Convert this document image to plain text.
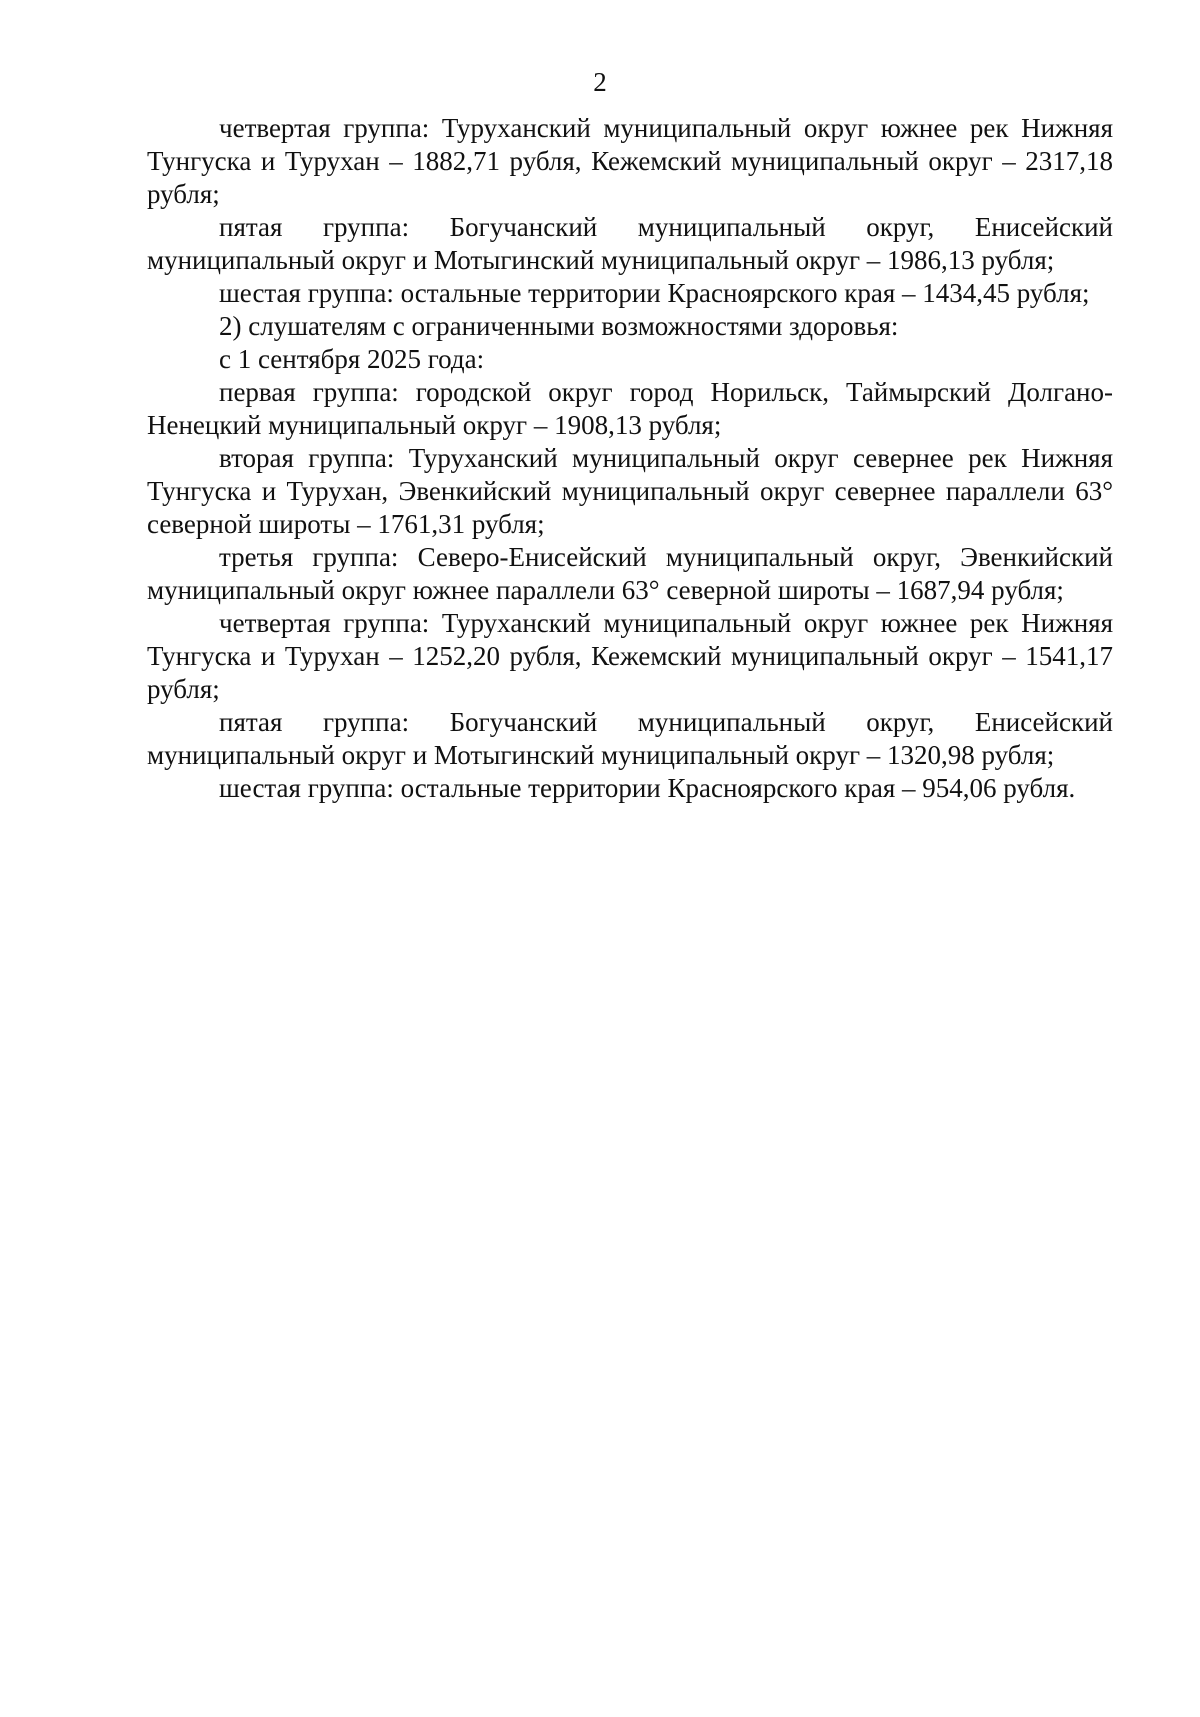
2

четвертая группа: Туруханский муниципальный округ южнее рек Нижняя Тунгуска и Турухан – 1882,71 рубля, Кежемский муниципальный округ – 2317,18 рубля;

пятая группа: Богучанский муниципальный округ, Енисейский муниципальный округ и Мотыгинский муниципальный округ – 1986,13 рубля;

шестая группа: остальные территории Красноярского края – 1434,45 рубля;

2) слушателям с ограниченными возможностями здоровья:

с 1 сентября 2025 года:

первая группа: городской округ город Норильск, Таймырский Долгано-Ненецкий муниципальный округ – 1908,13 рубля;

вторая группа: Туруханский муниципальный округ севернее рек Нижняя Тунгуска и Турухан, Эвенкийский муниципальный округ севернее параллели 63° северной широты – 1761,31 рубля;

третья группа: Северо-Енисейский муниципальный округ, Эвенкийский муниципальный округ южнее параллели 63° северной широты – 1687,94 рубля;

четвертая группа: Туруханский муниципальный округ южнее рек Нижняя Тунгуска и Турухан – 1252,20 рубля, Кежемский муниципальный округ – 1541,17 рубля;

пятая группа: Богучанский муниципальный округ, Енисейский муниципальный округ и Мотыгинский муниципальный округ – 1320,98 рубля;

шестая группа: остальные территории Красноярского края – 954,06 рубля.
